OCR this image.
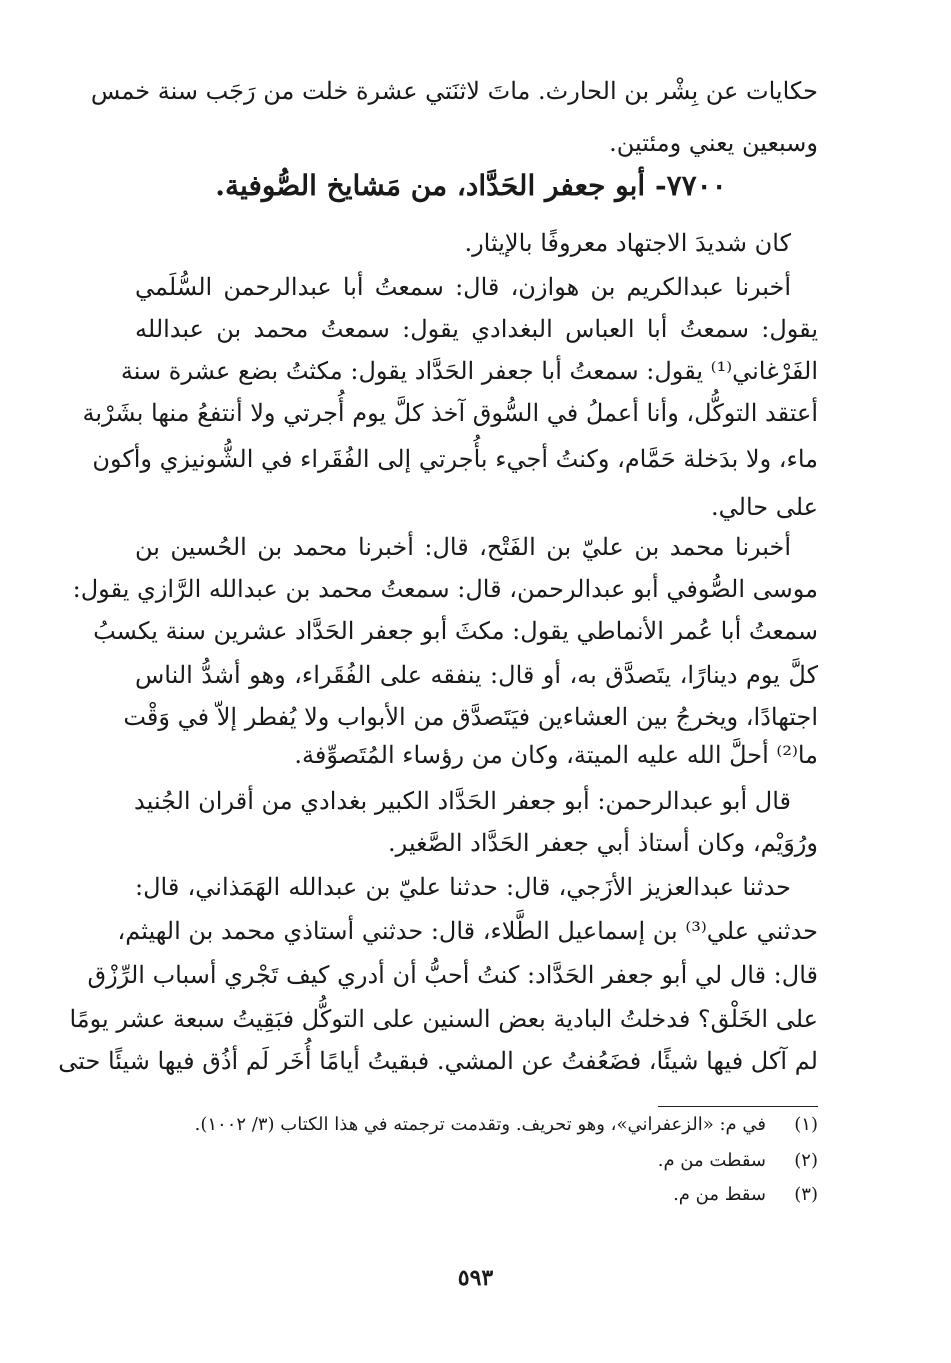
حكايات عن بِشْر بن الحارث. ماتَ لاثنَتي عشرة خلت من رَجَب سنة خمس
وسبعين يعني ومئتين.
٧٧٠٠- أبو جعفر الحَدَّاد، من مَشايخ الصُّوفية.
كان شديدَ الاجتهاد معروفًا بالإيثار.
أخبرنا عبدالكريم بن هوازن، قال: سمعتُ أبا عبدالرحمن السُّلَمي
يقول: سمعتُ أبا العباس البغدادي يقول: سمعتُ محمد بن عبدالله
الفَرْغاني⁽¹⁾ يقول: سمعتُ أبا جعفر الحَدَّاد يقول: مكثتُ بضع عشرة سنة
أعتقد التوكُّل، وأنا أعملُ في السُّوق آخذ كلَّ يوم أُجرتي ولا أنتفعُ منها بشَرْبة
ماء، ولا بدَخلة حَمَّام، وكنتُ أجيء بأُجرتي إلى الفُقَراء في الشُّونيزي وأكون
على حالي.
أخبرنا محمد بن عليّ بن الفَتْح، قال: أخبرنا محمد بن الحُسين بن
موسى الصُّوفي أبو عبدالرحمن، قال: سمعتُ محمد بن عبدالله الرَّازي يقول:
سمعتُ أبا عُمر الأنماطي يقول: مكثَ أبو جعفر الحَدَّاد عشرين سنة يكسبُ
كلَّ يوم دينارًا، يتَصدَّق به، أو قال: ينفقه على الفُقَراء، وهو أشدُّ الناس
اجتهادًا، ويخرجُ بين العشاءين فيَتَصدَّق من الأبواب ولا يُفطر إلاّ في وَقْت
ما⁽²⁾ أحلَّ الله عليه الميتة، وكان من رؤساء المُتَصوِّفة.
قال أبو عبدالرحمن: أبو جعفر الحَدَّاد الكبير بغدادي من أقران الجُنيد
ورُوَيْم، وكان أستاذ أبي جعفر الحَدَّاد الصَّغير.
حدثنا عبدالعزيز الأزَجي، قال: حدثنا عليّ بن عبدالله الهَمَذاني، قال:
حدثني علي⁽³⁾ بن إسماعيل الطَّلاء، قال: حدثني أستاذي محمد بن الهيثم،
قال: قال لي أبو جعفر الحَدَّاد: كنتُ أحبُّ أن أدري كيف تَجْري أسباب الرِّزْق
على الخَلْق؟ فدخلتُ البادية بعض السنين على التوكُّل فبَقِيتُ سبعة عشر يومًا
لم آكل فيها شيئًا، فضَعُفتُ عن المشي. فبقيتُ أيامًا أُخَر لَم أذُق فيها شيئًا حتى
(١)في م: «الزعفراني»، وهو تحريف. وتقدمت ترجمته في هذا الكتاب (٣/ ١٠٠٢).
(٢)سقطت من م.
(٣)سقط من م.
٥٩٣
